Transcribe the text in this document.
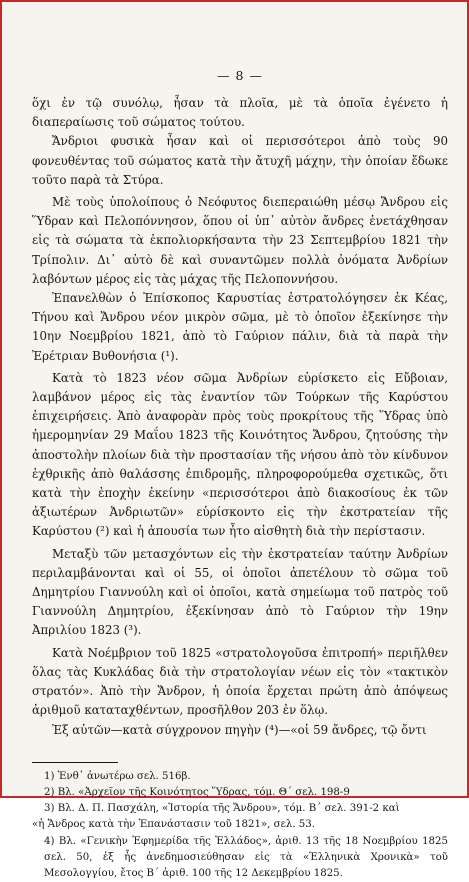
— 8 —

ὅχι ἐν τῷ συνόλῳ, ἦσαν τὰ πλοῖα, μὲ τὰ ὁποῖα ἐγένετο ἡ διαπεραίωσις τοῦ σώματος τούτου.

Ἄνδριοι φυσικὰ ἦσαν καὶ οἱ περισσότεροι ἀπὸ τοὺς 90 φονευθέντας τοῦ σώματος κατὰ τὴν ἄτυχῆ μάχην, τὴν ὁποίαν ἔδωκε τοῦτο παρὰ τὰ Στύρα.

Μὲ τοὺς ὑπολοίπους ὁ Νεόφυτος διεπεραιώθη μέσῳ Ἄνδρου εἰς Ὕδραν καὶ Πελοπόννησον, ὅπου οἱ ὑπ᾽ αὐτὸν ἄνδρες ἐνετάχθησαν εἰς τὰ σώματα τὰ ἐκπολιορκήσαντα τὴν 23 Σεπτεμβρίου 1821 τὴν Τρίπολιν. Δι᾽ αὐτὸ δὲ καὶ συναντῶμεν πολλὰ ὀνόματα Ἀνδρίων λαβόντων μέρος εἰς τὰς μάχας τῆς Πελοποννήσου.

Ἐπανελθὼν ὁ Ἐπίσκοπος Καρυστίας ἐστρατολόγησεν ἐκ Κέας, Τήνου καὶ Ἄνδρου νέον μικρὸν σῶμα, μὲ τὸ ὁποῖον ἐξεκίνησε τὴν 10ην Νοεμβρίου 1821, ἀπὸ τὸ Γαύριον πάλιν, διὰ τὰ παρὰ τὴν Ἐρέτριαν Βυθονήσια (¹).

Κατὰ τὸ 1823 νέον σῶμα Ἀνδρίων εὑρίσκετο εἰς Εὔβοιαν, λαμβάνον μέρος εἰς τὰς ἐναντίον τῶν Τούρκων τῆς Καρύστου ἐπιχειρήσεις. Ἀπὸ ἀναφορὰν πρὸς τοὺς προκρίτους τῆς Ὕδρας ὑπὸ ἡμερομηνίαν 29 Μαΐου 1823 τῆς Κοινότητος Ἄνδρου, ζητούσης τὴν ἀποστολὴν πλοίων διὰ τὴν προστασίαν τῆς νήσου ἀπὸ τὸν κίνδυνον ἐχθρικῆς ἀπὸ θαλάσσης ἐπιδρομῆς, πληροφορούμεθα σχετικῶς, ὅτι κατὰ τὴν ἐποχὴν ἐκείνην «περισσότεροι ἀπὸ διακοσίους ἐκ τῶν ἀξιωτέρων Ἀνδριωτῶν» εὑρίσκοντο εἰς τὴν ἐκστρατείαν τῆς Καρύστου (²) καὶ ἡ ἀπουσία των ἦτο αἰσθητὴ διὰ τὴν περίστασιν.

Μεταξὺ τῶν μετασχόντων εἰς τὴν ἐκστρατείαν ταύτην Ἀνδρίων περιλαμβάνονται καὶ οἱ 55, οἱ ὁποῖοι ἀπετέλουν τὸ σῶμα τοῦ Δημητρίου Γιαννούλη καὶ οἱ ὁποῖοι, κατὰ σημείωμα τοῦ πατρὸς τοῦ Γιαννούλη Δημητρίου, ἐξεκίνησαν ἀπὸ τὸ Γαύριον τὴν 19ην Ἀπριλίου 1823 (³).

Κατὰ Νοέμβριον τοῦ 1825 «στρατολογοῦσα ἐπιτροπή» περιῆλθεν ὅλας τὰς Κυκλάδας διὰ τὴν στρατολογίαν νέων εἰς τὸν «τακτικὸν στρατόν». Ἀπὸ τὴν Ἄνδρον, ἡ ὁποία ἔρχεται πρώτη ἀπὸ ἀπόψεως ἀριθμοῦ καταταχθέντων, προσῆλθον 203 ἐν ὅλῳ.

Ἐξ αὐτῶν—κατὰ σύγχρονον πηγὴν (⁴)—«οἱ 59 ἄνδρες, τῷ ὄντι

1) Ἐνθ᾽ ἀνωτέρω σελ. 516β.

2) Βλ. «Ἀρχεῖον τῆς Κοινότητος Ὕδρας, τόμ. Θ΄ σελ. 198-9

3) Βλ. Δ. Π. Πασχάλη, «Ἱστορία τῆς Ἄνδρου», τόμ. Β΄ σελ. 391-2 καὶ

«ἡ Ἄνδρος κατὰ τὴν Ἐπανάστασιν τοῦ 1821», σελ. 53.

4) Βλ. «Γενικὴν Ἐφημερίδα τῆς Ἑλλάδος», ἀριθ. 13 τῆς 18 Νοεμβρίου 1825 σελ. 50, ἐξ ἧς ἀνεδημοσιεύθησαν εἰς τὰ «Ἑλληνικὰ Χρονικὰ» τοῦ Μεσολογγίου, ἔτος Β΄ ἀριθ. 100 τῆς 12 Δεκεμβρίου 1825.
